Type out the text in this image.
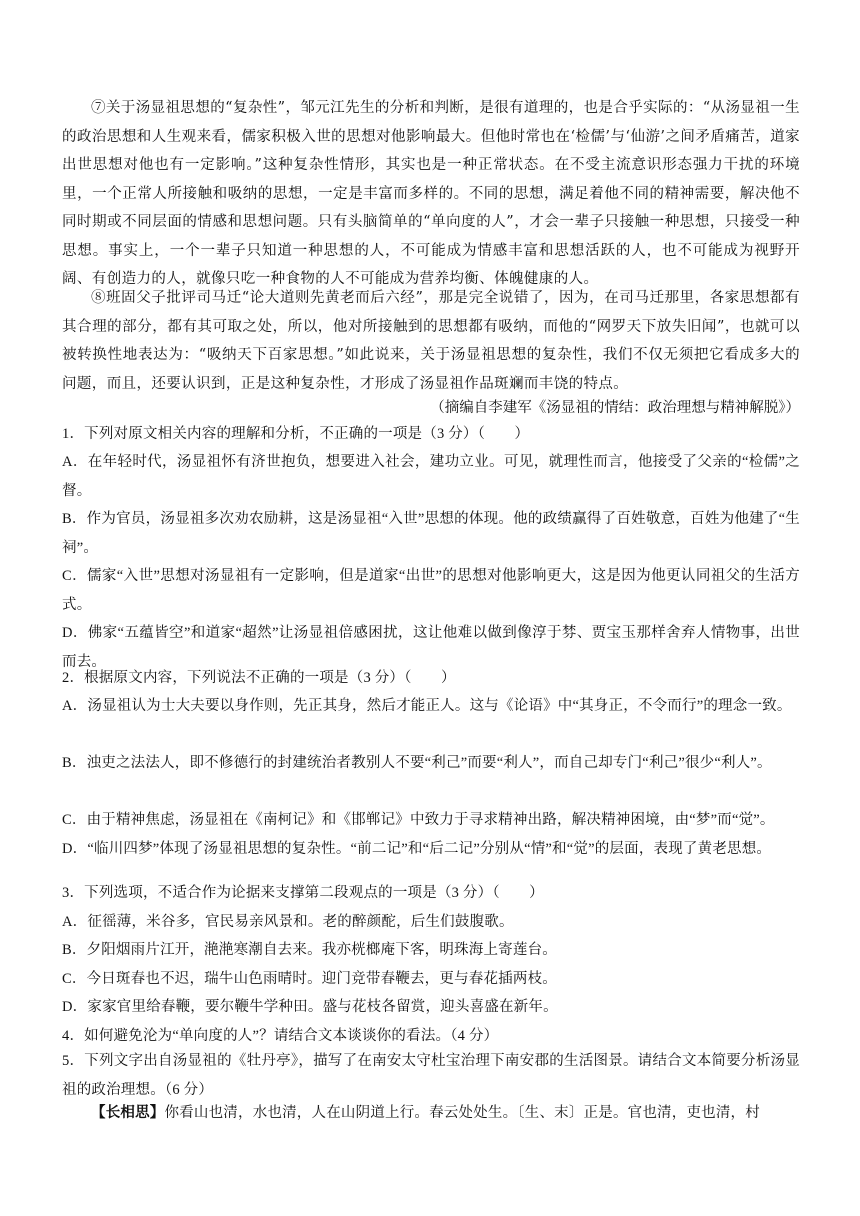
⑦关于汤显祖思想的“复杂性”，邹元江先生的分析和判断，是很有道理的，也是合乎实际的：“从汤显祖一生的政治思想和人生观来看，儒家积极入世的思想对他影响最大。但他时常也在‘检儒’与‘仙游’之间矛盾痛苦，道家出世思想对他也有一定影响。”这种复杂性情形，其实也是一种正常状态。在不受主流意识形态强力干扰的环境里，一个正常人所接触和吸纳的思想，一定是丰富而多样的。不同的思想，满足着他不同的精神需要，解决他不同时期或不同层面的情感和思想问题。只有头脑简单的“单向度的人”，才会一辈子只接触一种思想，只接受一种思想。事实上，一个一辈子只知道一种思想的人，不可能成为情感丰富和思想活跃的人，也不可能成为视野开阔、有创造力的人，就像只吃一种食物的人不可能成为营养均衡、体魄健康的人。
⑧班固父子批评司马迁“论大道则先黄老而后六经”，那是完全说错了，因为，在司马迁那里，各家思想都有其合理的部分，都有其可取之处，所以，他对所接触到的思想都有吸纳，而他的“网罗天下放失旧闻”，也就可以被转换性地表达为：“吸纳天下百家思想。”如此说来，关于汤显祖思想的复杂性，我们不仅无须把它看成多大的问题，而且，还要认识到，正是这种复杂性，才形成了汤显祖作品斑斓而丰饶的特点。
（摘编自李建军《汤显祖的情结：政治理想与精神解脱》）
1．下列对原文相关内容的理解和分析，不正确的一项是（3 分）（　　）
A．在年轻时代，汤显祖怀有济世抱负，想要进入社会，建功立业。可见，就理性而言，他接受了父亲的“检儒”之督。
B．作为官员，汤显祖多次劝农励耕，这是汤显祖“入世”思想的体现。他的政绩赢得了百姓敬意，百姓为他建了“生祠”。
C．儒家“入世”思想对汤显祖有一定影响，但是道家“出世”的思想对他影响更大，这是因为他更认同祖父的生活方式。
D．佛家“五蕴皆空”和道家“超然”让汤显祖倍感困扰，这让他难以做到像淳于棼、贾宝玉那样舍弃人情物事，出世而去。
2．根据原文内容，下列说法不正确的一项是（3 分）（　　）
A．汤显祖认为士大夫要以身作则，先正其身，然后才能正人。这与《论语》中“其身正，不令而行”的理念一致。
B．浊吏之法法人，即不修德行的封建统治者教别人不要“利己”而要“利人”，而自己却专门“利己”很少“利人”。
C．由于精神焦虑，汤显祖在《南柯记》和《邯郸记》中致力于寻求精神出路，解决精神困境，由“梦”而“觉”。
D．“临川四梦”体现了汤显祖思想的复杂性。“前二记”和“后二记”分别从“情”和“觉”的层面，表现了黄老思想。
3．下列选项，不适合作为论据来支撑第二段观点的一项是（3 分）（　　）
A．征徭薄，米谷多，官民易亲风景和。老的醉颜酡，后生们鼓腹歌。
B．夕阳烟雨片江开，滟滟寒潮自去来。我亦桄榔庵下客，明珠海上寄莲台。
C．今日斑春也不迟，瑞牛山色雨晴时。迎门竞带春鞭去，更与春花插两枝。
D．家家官里给春鞭，要尔鞭牛学种田。盛与花枝各留赏，迎头喜盛在新年。
4．如何避免沦为“单向度的人”？请结合文本谈谈你的看法。（4 分）
5．下列文字出自汤显祖的《牡丹亭》，描写了在南安太守杜宝治理下南安郡的生活图景。请结合文本简要分析汤显祖的政治理想。（6 分）
【长相思】你看山也清，水也清，人在山阴道上行。春云处处生。〔生、末〕正是。官也清，吏也清，村
